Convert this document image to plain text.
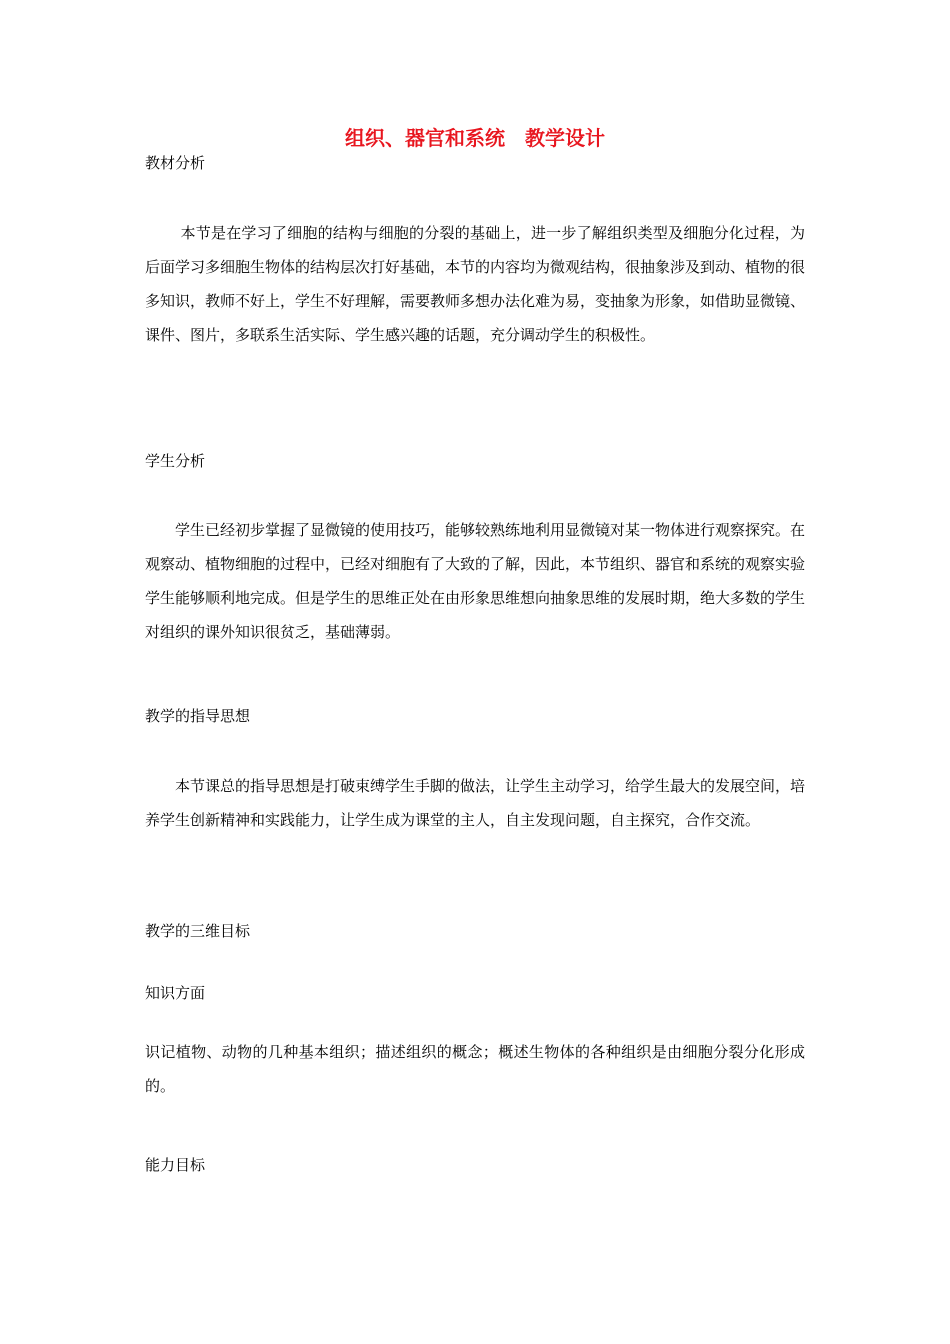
组织、器官和系统　教学设计
教材分析

　　 本节是在学习了细胞的结构与细胞的分裂的基础上，进一步了解组织类型及细胞分化过程，为后面学习多细胞生物体的结构层次打好基础，本节的内容均为微观结构，很抽象涉及到动、植物的很多知识，教师不好上，学生不好理解，需要教师多想办法化难为易，变抽象为形象，如借助显微镜、课件、图片，多联系生活实际、学生感兴趣的话题，充分调动学生的积极性。

学生分析

　　学生已经初步掌握了显微镜的使用技巧，能够较熟练地利用显微镜对某一物体进行观察探究。在观察动、植物细胞的过程中，已经对细胞有了大致的了解，因此，本节组织、器官和系统的观察实验学生能够顺利地完成。但是学生的思维正处在由形象思维想向抽象思维的发展时期，绝大多数的学生对组织的课外知识很贫乏，基础薄弱。

教学的指导思想

　　本节课总的指导思想是打破束缚学生手脚的做法，让学生主动学习，给学生最大的发展空间，培养学生创新精神和实践能力，让学生成为课堂的主人，自主发现问题，自主探究，合作交流。

教学的三维目标
知识方面

识记植物、动物的几种基本组织；描述组织的概念；概述生物体的各种组织是由细胞分裂分化形成的。

能力目标
